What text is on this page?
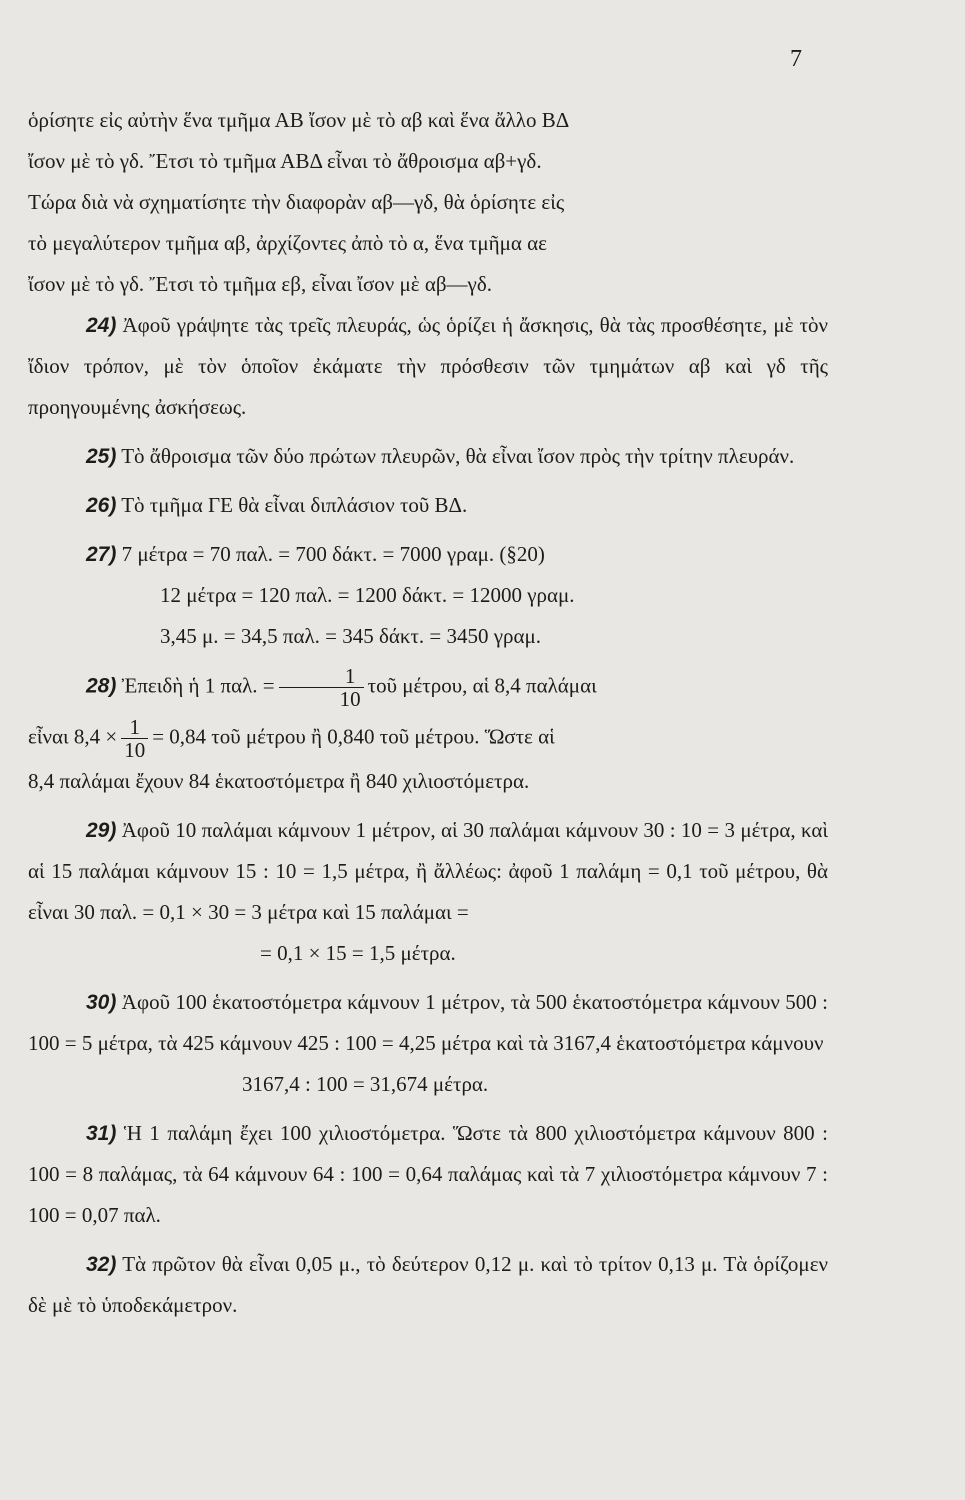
7

ὁρίσητε εἰς αὐτὴν ἕνα τμῆμα ΑΒ ἴσον μὲ τὸ αβ καὶ ἕνα ἄλλο ΒΔ

ἴσον μὲ τὸ γδ. Ἔτσι τὸ τμῆμα ΑΒΔ εἶναι τὸ ἄθροισμα αβ+γδ.

Τώρα διὰ νὰ σχηματίσητε τὴν διαφορὰν αβ—γδ, θὰ ὁρίσητε εἰς

τὸ μεγαλύτερον τμῆμα αβ, ἀρχίζοντες ἀπὸ τὸ α, ἕνα τμῆμα αε

ἴσον μὲ τὸ γδ. Ἔτσι τὸ τμῆμα εβ, εἶναι ἴσον μὲ αβ—γδ.

24) Ἀφοῦ γράψητε τὰς τρεῖς πλευράς, ὡς ὁρίζει ἡ ἄσκησις, θὰ τὰς προσθέσητε, μὲ τὸν ἴδιον τρόπον, μὲ τὸν ὁποῖον ἐκάματε τὴν πρόσθεσιν τῶν τμημάτων αβ καὶ γδ τῆς προηγουμένης ἀσκήσεως.

25) Τὸ ἄθροισμα τῶν δύο πρώτων πλευρῶν, θὰ εἶναι ἴσον πρὸς τὴν τρίτην πλευράν.

26) Τὸ τμῆμα ΓΕ θὰ εἶναι διπλάσιον τοῦ ΒΔ.

27) 7 μέτρα = 70 παλ. = 700 δάκτ. = 7000 γραμ. (§20)

12 μέτρα = 120 παλ. = 1200 δάκτ. = 12000 γραμ.

3,45 μ. = 34,5 παλ. = 345 δάκτ. = 3450 γραμ.

28) Ἐπειδὴ ἡ 1 παλ. = $\frac{1}{10}$ τοῦ μέτρου, αἱ 8,4 παλάμαι

εἶναι $8,4 \times \frac{1}{10} = 0,84$ τοῦ μέτρου ἢ 0,840 τοῦ μέτρου. Ὥστε αἱ

8,4 παλάμαι ἔχουν 84 ἑκατοστόμετρα ἢ 840 χιλιοστόμετρα.

29) Ἀφοῦ 10 παλάμαι κάμνουν 1 μέτρον, αἱ 30 παλάμαι κάμνουν 30 : 10 = 3 μέτρα, καὶ αἱ 15 παλάμαι κάμνουν 15 : 10 = 1,5 μέτρα, ἢ ἄλλέως: ἀφοῦ 1 παλάμη = 0,1 τοῦ μέτρου, θὰ εἶναι 30 παλ. = 0,1 × 30 = 3 μέτρα καὶ 15 παλάμαι =

= 0,1 × 15 = 1,5 μέτρα.

30) Ἀφοῦ 100 ἑκατοστόμετρα κάμνουν 1 μέτρον, τὰ 500 ἑκατοστόμετρα κάμνουν 500 : 100 = 5 μέτρα, τὰ 425 κάμνουν 425 : 100 = 4,25 μέτρα καὶ τὰ 3167,4 ἑκατοστόμετρα κάμνουν

3167,4 : 100 = 31,674 μέτρα.

31) Ἡ 1 παλάμη ἔχει 100 χιλιοστόμετρα. Ὥστε τὰ 800 χιλιοστόμετρα κάμνουν 800 : 100 = 8 παλάμας, τὰ 64 κάμνουν 64 : 100 = 0,64 παλάμας καὶ τὰ 7 χιλιοστόμετρα κάμνουν 7 : 100 = 0,07 παλ.

32) Τὰ πρῶτον θὰ εἶναι 0,05 μ., τὸ δεύτερον 0,12 μ. καὶ τὸ τρίτον 0,13 μ. Τὰ ὁρίζομεν δὲ μὲ τὸ ὑποδεκάμετρον.
